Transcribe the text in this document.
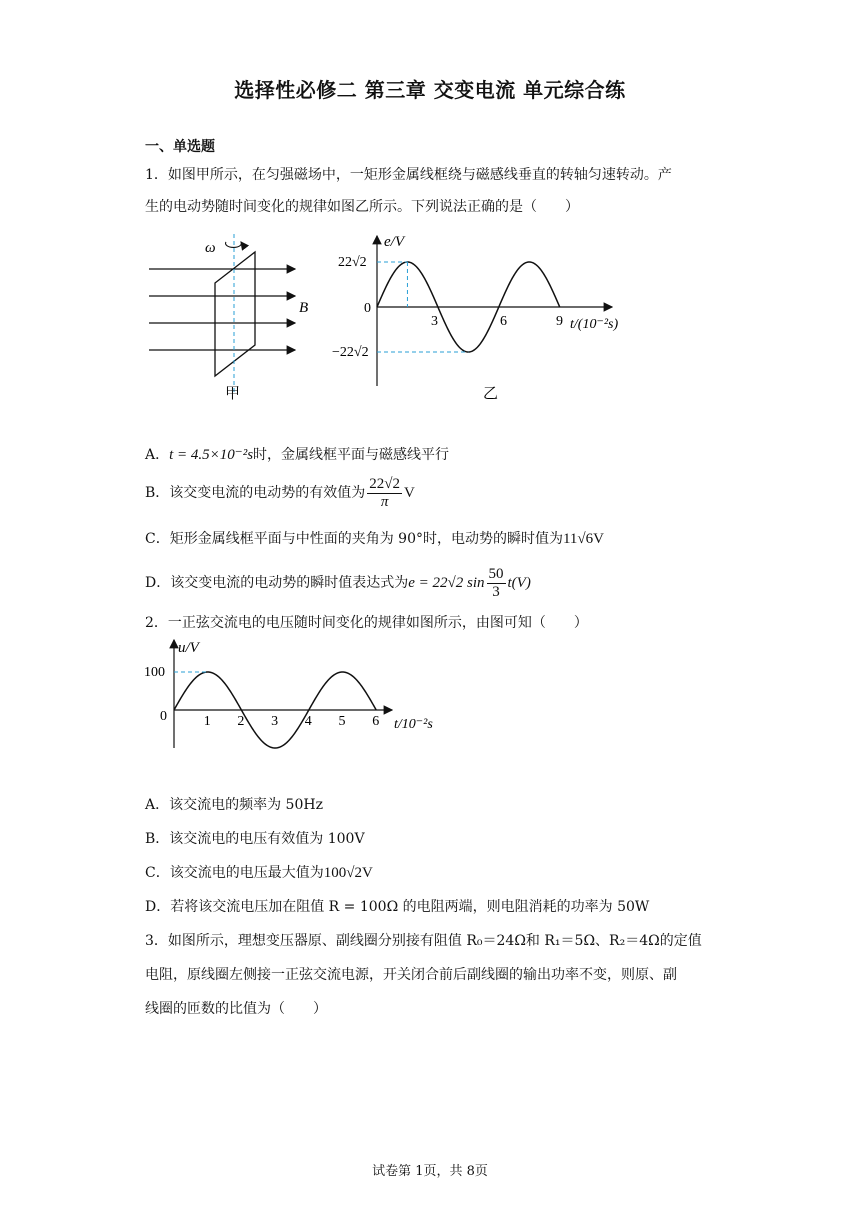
选择性必修二 第三章 交变电流 单元综合练
一、单选题
1．如图甲所示，在匀强磁场中，一矩形金属线框绕与磁感线垂直的转轴匀速转动。产
生的电动势随时间变化的规律如图乙所示。下列说法正确的是（　　）
ω
B
甲
e/V
t/(10⁻²s)
22√2
−22√2
0
3	6	9
乙
A．t = 4.5×10⁻²s时，金属线框平面与磁感线平行
B．该交变电流的电动势的有效值为 $\frac{22√2}{\pi}$ V
C．矩形金属线框平面与中性面的夹角为 90°时，电动势的瞬时值为11√6V
D．该交变电流的电动势的瞬时值表达式为e = 22√2 $\sin \frac{50}{3} t(V)$
2．一正弦交流电的电压随时间变化的规律如图所示，由图可知（　　）
u/V
t/10⁻²s
100
0	1 2 3 4 5 6
A．该交流电的频率为 50Hz
B．该交流电的电压有效值为 100V
C．该交流电的电压最大值为100√2V
D．若将该交流电压加在阻值 R = 100Ω 的电阻两端，则电阻消耗的功率为 50W
3．如图所示，理想变压器原、副线圈分别接有阻值 R₀＝24Ω和 R₁＝5Ω、R₂＝4Ω的定值
电阻，原线圈左侧接一正弦交流电源，开关闭合前后副线圈的输出功率不变，则原、副
线圈的匝数的比值为（　　）
试卷第 1页，共 8页
